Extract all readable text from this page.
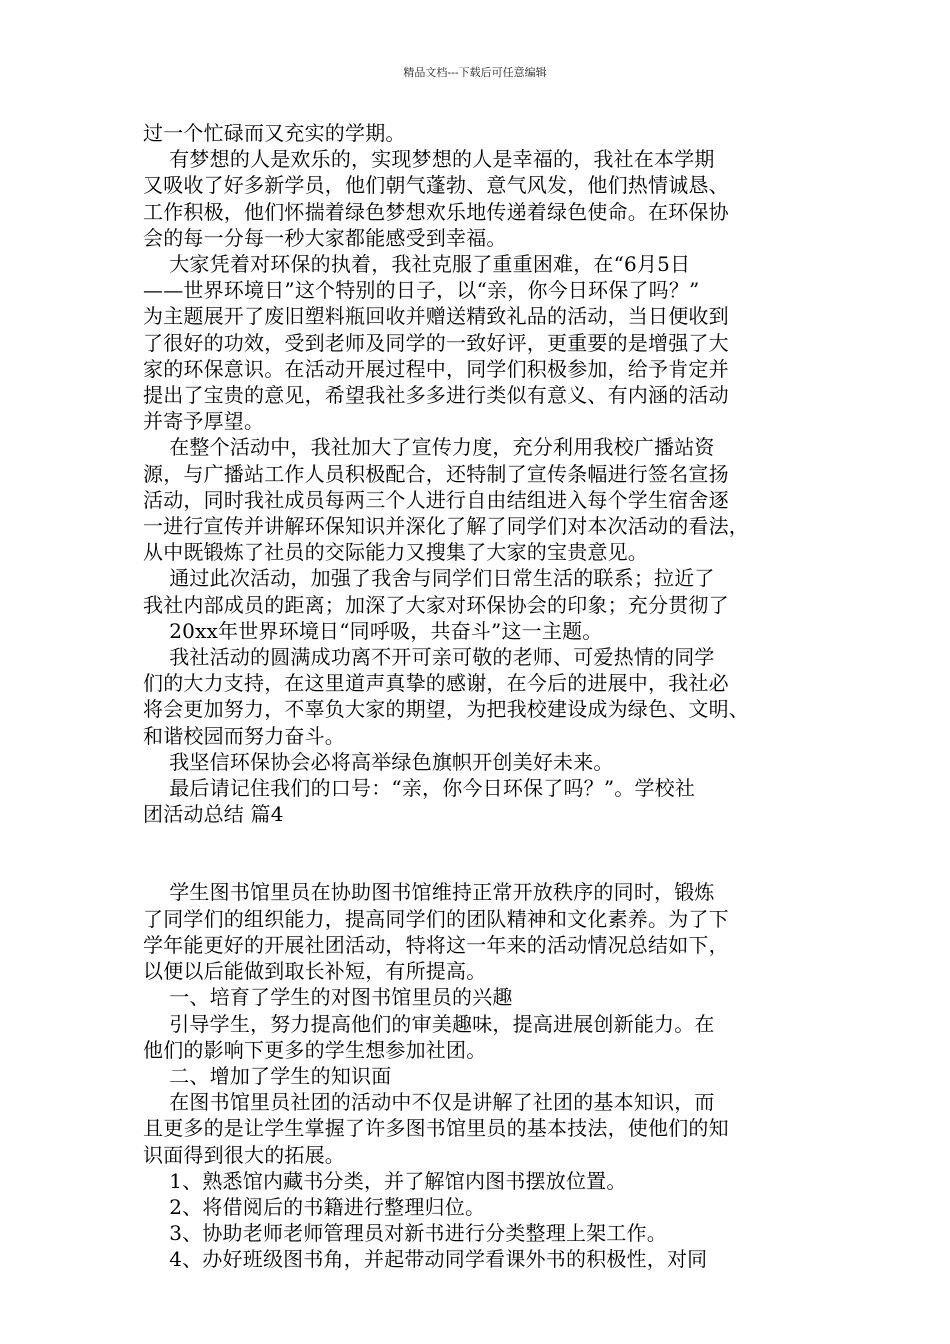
精品文档---下载后可任意编辑

过一个忙碌而又充实的学期。

有梦想的人是欢乐的，实现梦想的人是幸福的，我社在本学期

又吸收了好多新学员，他们朝气蓬勃、意气风发，他们热情诚恳、

工作积极，他们怀揣着绿色梦想欢乐地传递着绿色使命。在环保协

会的每一分每一秒大家都能感受到幸福。

大家凭着对环保的执着，我社克服了重重困难，在“6月5日

——世界环境日”这个特别的日子，以“亲，你今日环保了吗？”

为主题展开了废旧塑料瓶回收并赠送精致礼品的活动，当日便收到

了很好的功效，受到老师及同学的一致好评，更重要的是增强了大

家的环保意识。在活动开展过程中，同学们积极参加，给予肯定并

提出了宝贵的意见，希望我社多多进行类似有意义、有内涵的活动

并寄予厚望。

在整个活动中，我社加大了宣传力度，充分利用我校广播站资

源，与广播站工作人员积极配合，还特制了宣传条幅进行签名宣扬

活动，同时我社成员每两三个人进行自由结组进入每个学生宿舍逐

一进行宣传并讲解环保知识并深化了解了同学们对本次活动的看法，

从中既锻炼了社员的交际能力又搜集了大家的宝贵意见。

通过此次活动，加强了我舍与同学们日常生活的联系；拉近了

我社内部成员的距离；加深了大家对环保协会的印象；充分贯彻了

20xx年世界环境日“同呼吸，共奋斗”这一主题。

我社活动的圆满成功离不开可亲可敬的老师、可爱热情的同学

们的大力支持，在这里道声真挚的感谢，在今后的进展中，我社必

将会更加努力，不辜负大家的期望，为把我校建设成为绿色、文明、

和谐校园而努力奋斗。

我坚信环保协会必将高举绿色旗帜开创美好未来。

最后请记住我们的口号：“亲，你今日环保了吗？”。学校社

团活动总结 篇4

学生图书馆里员在协助图书馆维持正常开放秩序的同时，锻炼

了同学们的组织能力，提高同学们的团队精神和文化素养。为了下

学年能更好的开展社团活动，特将这一年来的活动情况总结如下，

以便以后能做到取长补短，有所提高。

一、培育了学生的对图书馆里员的兴趣

引导学生，努力提高他们的审美趣味，提高进展创新能力。在

他们的影响下更多的学生想参加社团。

二、增加了学生的知识面

在图书馆里员社团的活动中不仅是讲解了社团的基本知识，而

且更多的是让学生掌握了许多图书馆里员的基本技法，使他们的知

识面得到很大的拓展。

1、熟悉馆内藏书分类，并了解馆内图书摆放位置。

2、将借阅后的书籍进行整理归位。

3、协助老师老师管理员对新书进行分类整理上架工作。

4、办好班级图书角，并起带动同学看课外书的积极性，对同
